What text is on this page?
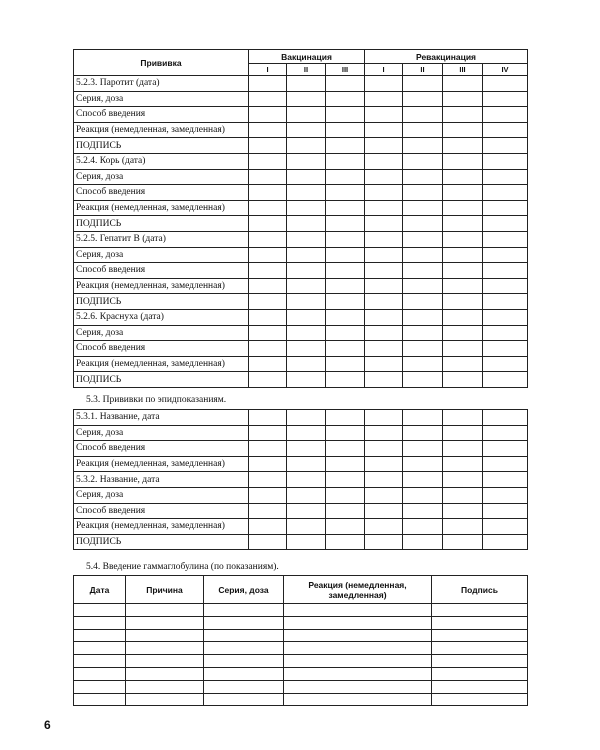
Прививка	Вакцинация			Ревакцинация			
	I	II	III	I	II	III	IV
5.2.3. Паротит (дата)							
Серия, доза							
Способ введения							
Реакция (немедленная, замедленная)							
ПОДПИСЬ							
5.2.4. Корь (дата)							
Серия, доза							
Способ введения							
Реакция (немедленная, замедленная)							
ПОДПИСЬ							
5.2.5. Гепатит В (дата)							
Серия, доза							
Способ введения							
Реакция (немедленная, замедленная)							
ПОДПИСЬ							
5.2.6. Краснуха (дата)							
Серия, доза							
Способ введения							
Реакция (немедленная, замедленная)							
ПОДПИСЬ							
5.3. Прививки по эпидпоказаниям.
5.3.1. Название, дата							
Серия, доза							
Способ введения							
Реакция (немедленная, замедленная)							
5.3.2. Название, дата							
Серия, доза							
Способ введения							
Реакция (немедленная, замедленная)							
ПОДПИСЬ							
5.4. Введение гаммаглобулина (по показаниям).
Дата	Причина	Серия, доза	Реакция (немедленная, замедленная)	Подпись

6
